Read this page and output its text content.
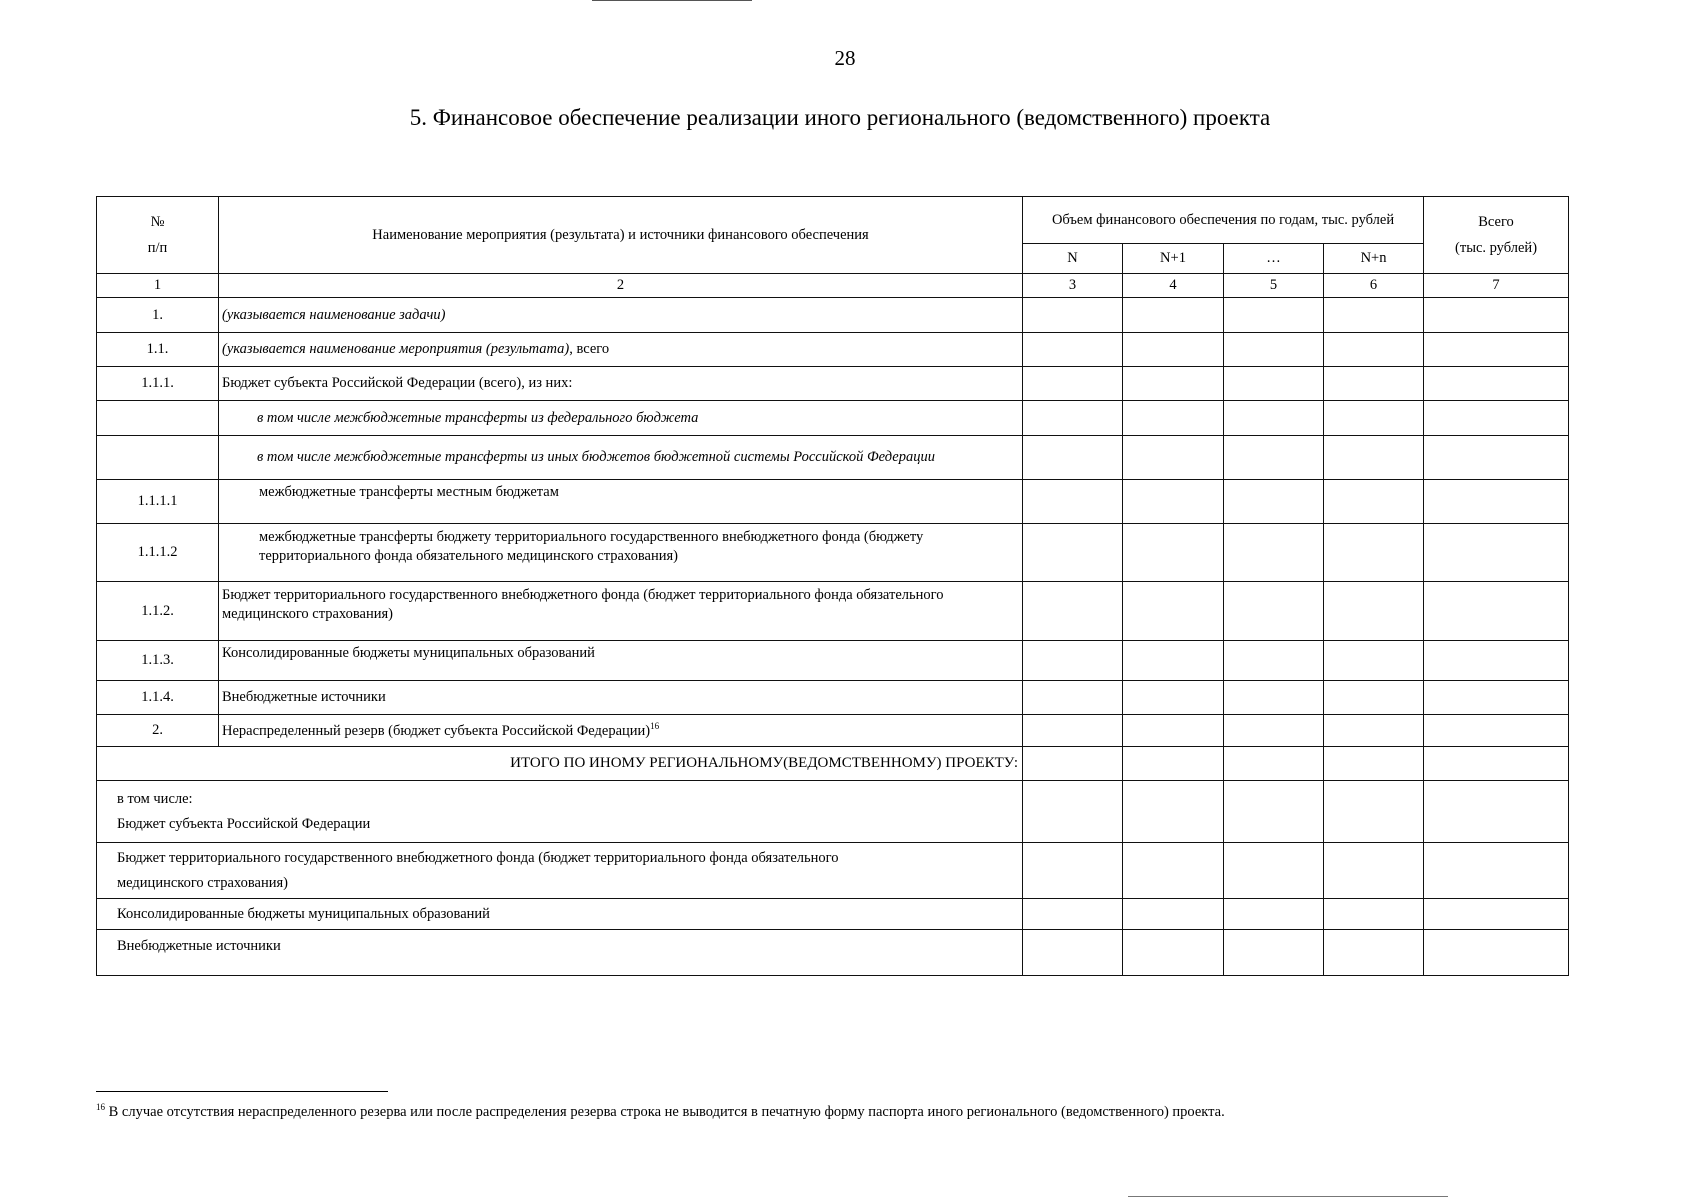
28
5. Финансовое обеспечение реализации иного регионального (ведомственного) проекта
№
п/п	Наименование мероприятия (результата) и источники финансового обеспечения	Объем финансового обеспечения по годам, тыс. рублей				Всего
(тыс. рублей)
		N	N+1	…	N+n	
1	2	3	4	5	6	7
1.	(указывается наименование задачи)					
1.1.	(указывается наименование мероприятия (результата), всего					
1.1.1.	Бюджет субъекта Российской Федерации (всего), из них:					
	в том числе межбюджетные трансферты из федерального бюджета					
	в том числе межбюджетные трансферты из иных бюджетов бюджетной системы Российской Федерации					
1.1.1.1	межбюджетные трансферты местным бюджетам					
1.1.1.2	межбюджетные трансферты бюджету территориального государственного внебюджетного фонда (бюджету территориального фонда обязательного медицинского страхования)					
1.1.2.	Бюджет территориального государственного внебюджетного фонда (бюджет территориального фонда обязательного медицинского страхования)					
1.1.3.	Консолидированные бюджеты муниципальных образований					
1.1.4.	Внебюджетные источники					
2.	Нераспределенный резерв (бюджет субъекта Российской Федерации)$^{16}$					
ИТОГО ПО ИНОМУ РЕГИОНАЛЬНОМУ(ВЕДОМСТВЕННОМУ) ПРОЕКТУ:						

в том числе:
Бюджет субъекта Российской Федерации						

Бюджет территориального государственного внебюджетного фонда (бюджет территориального фонда обязательного медицинского страхования)						
Консолидированные бюджеты муниципальных образований						
Внебюджетные источники						
$^{16}$ В случае отсутствия нераспределенного резерва или после распределения резерва строка не выводится в печатную форму паспорта иного регионального (ведомственного) проекта.
